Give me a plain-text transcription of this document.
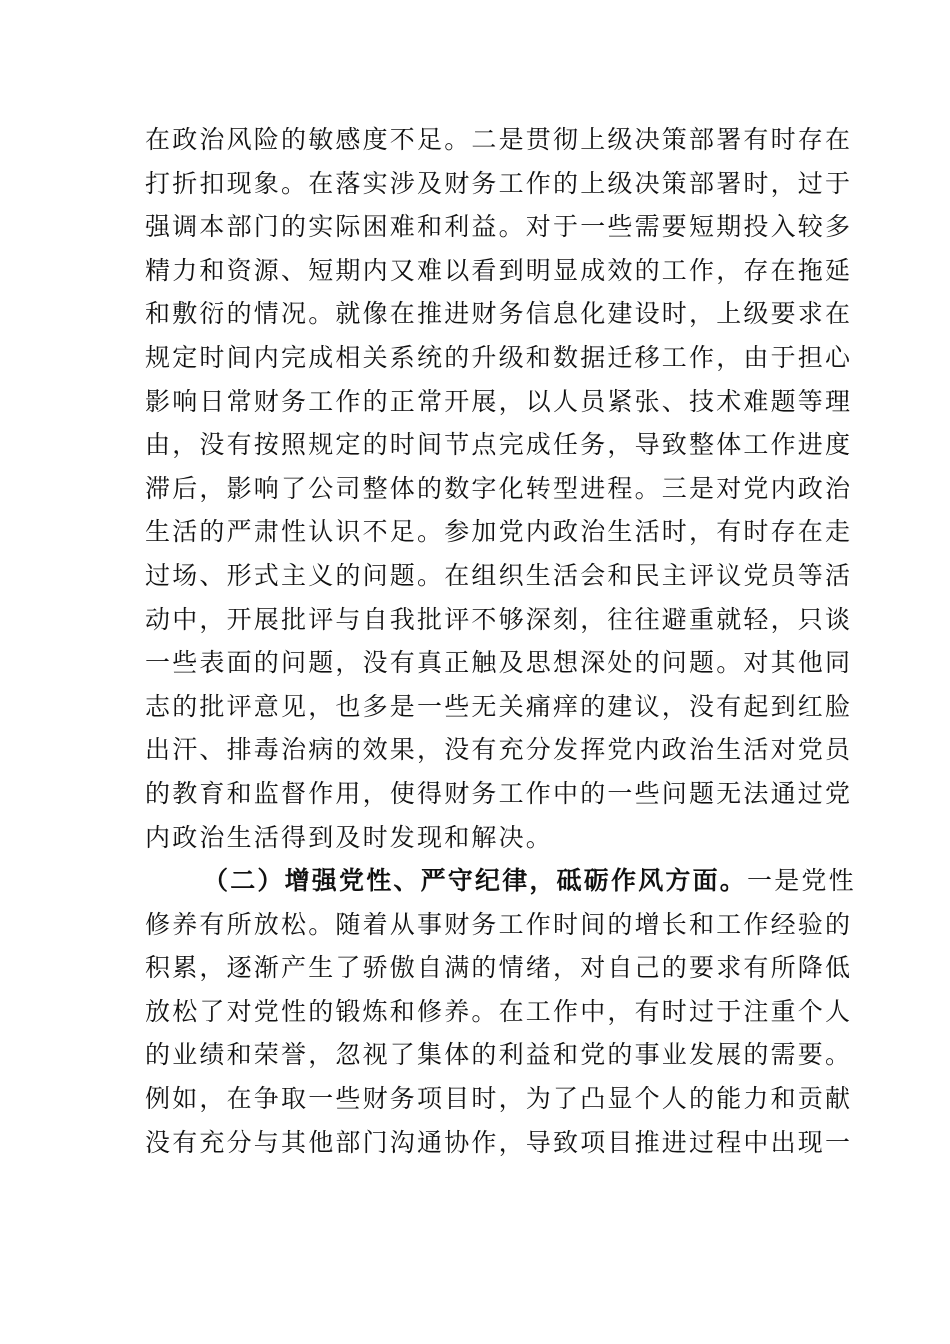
在政治风险的敏感度不足。二是贯彻上级决策部署有时存在
打折扣现象。在落实涉及财务工作的上级决策部署时，过于
强调本部门的实际困难和利益。对于一些需要短期投入较多
精力和资源、短期内又难以看到明显成效的工作，存在拖延
和敷衍的情况。就像在推进财务信息化建设时，上级要求在
规定时间内完成相关系统的升级和数据迁移工作，由于担心
影响日常财务工作的正常开展，以人员紧张、技术难题等理
由，没有按照规定的时间节点完成任务，导致整体工作进度
滞后，影响了公司整体的数字化转型进程。三是对党内政治
生活的严肃性认识不足。参加党内政治生活时，有时存在走
过场、形式主义的问题。在组织生活会和民主评议党员等活
动中，开展批评与自我批评不够深刻，往往避重就轻，只谈
一些表面的问题，没有真正触及思想深处的问题。对其他同
志的批评意见，也多是一些无关痛痒的建议，没有起到红脸
出汗、排毒治病的效果，没有充分发挥党内政治生活对党员
的教育和监督作用，使得财务工作中的一些问题无法通过党
内政治生活得到及时发现和解决。
（二）增强党性、严守纪律，砥砺作风方面。一是党性
修养有所放松。随着从事财务工作时间的增长和工作经验的
积累，逐渐产生了骄傲自满的情绪，对自己的要求有所降低
放松了对党性的锻炼和修养。在工作中，有时过于注重个人
的业绩和荣誉，忽视了集体的利益和党的事业发展的需要。
例如，在争取一些财务项目时，为了凸显个人的能力和贡献
没有充分与其他部门沟通协作，导致项目推进过程中出现一
